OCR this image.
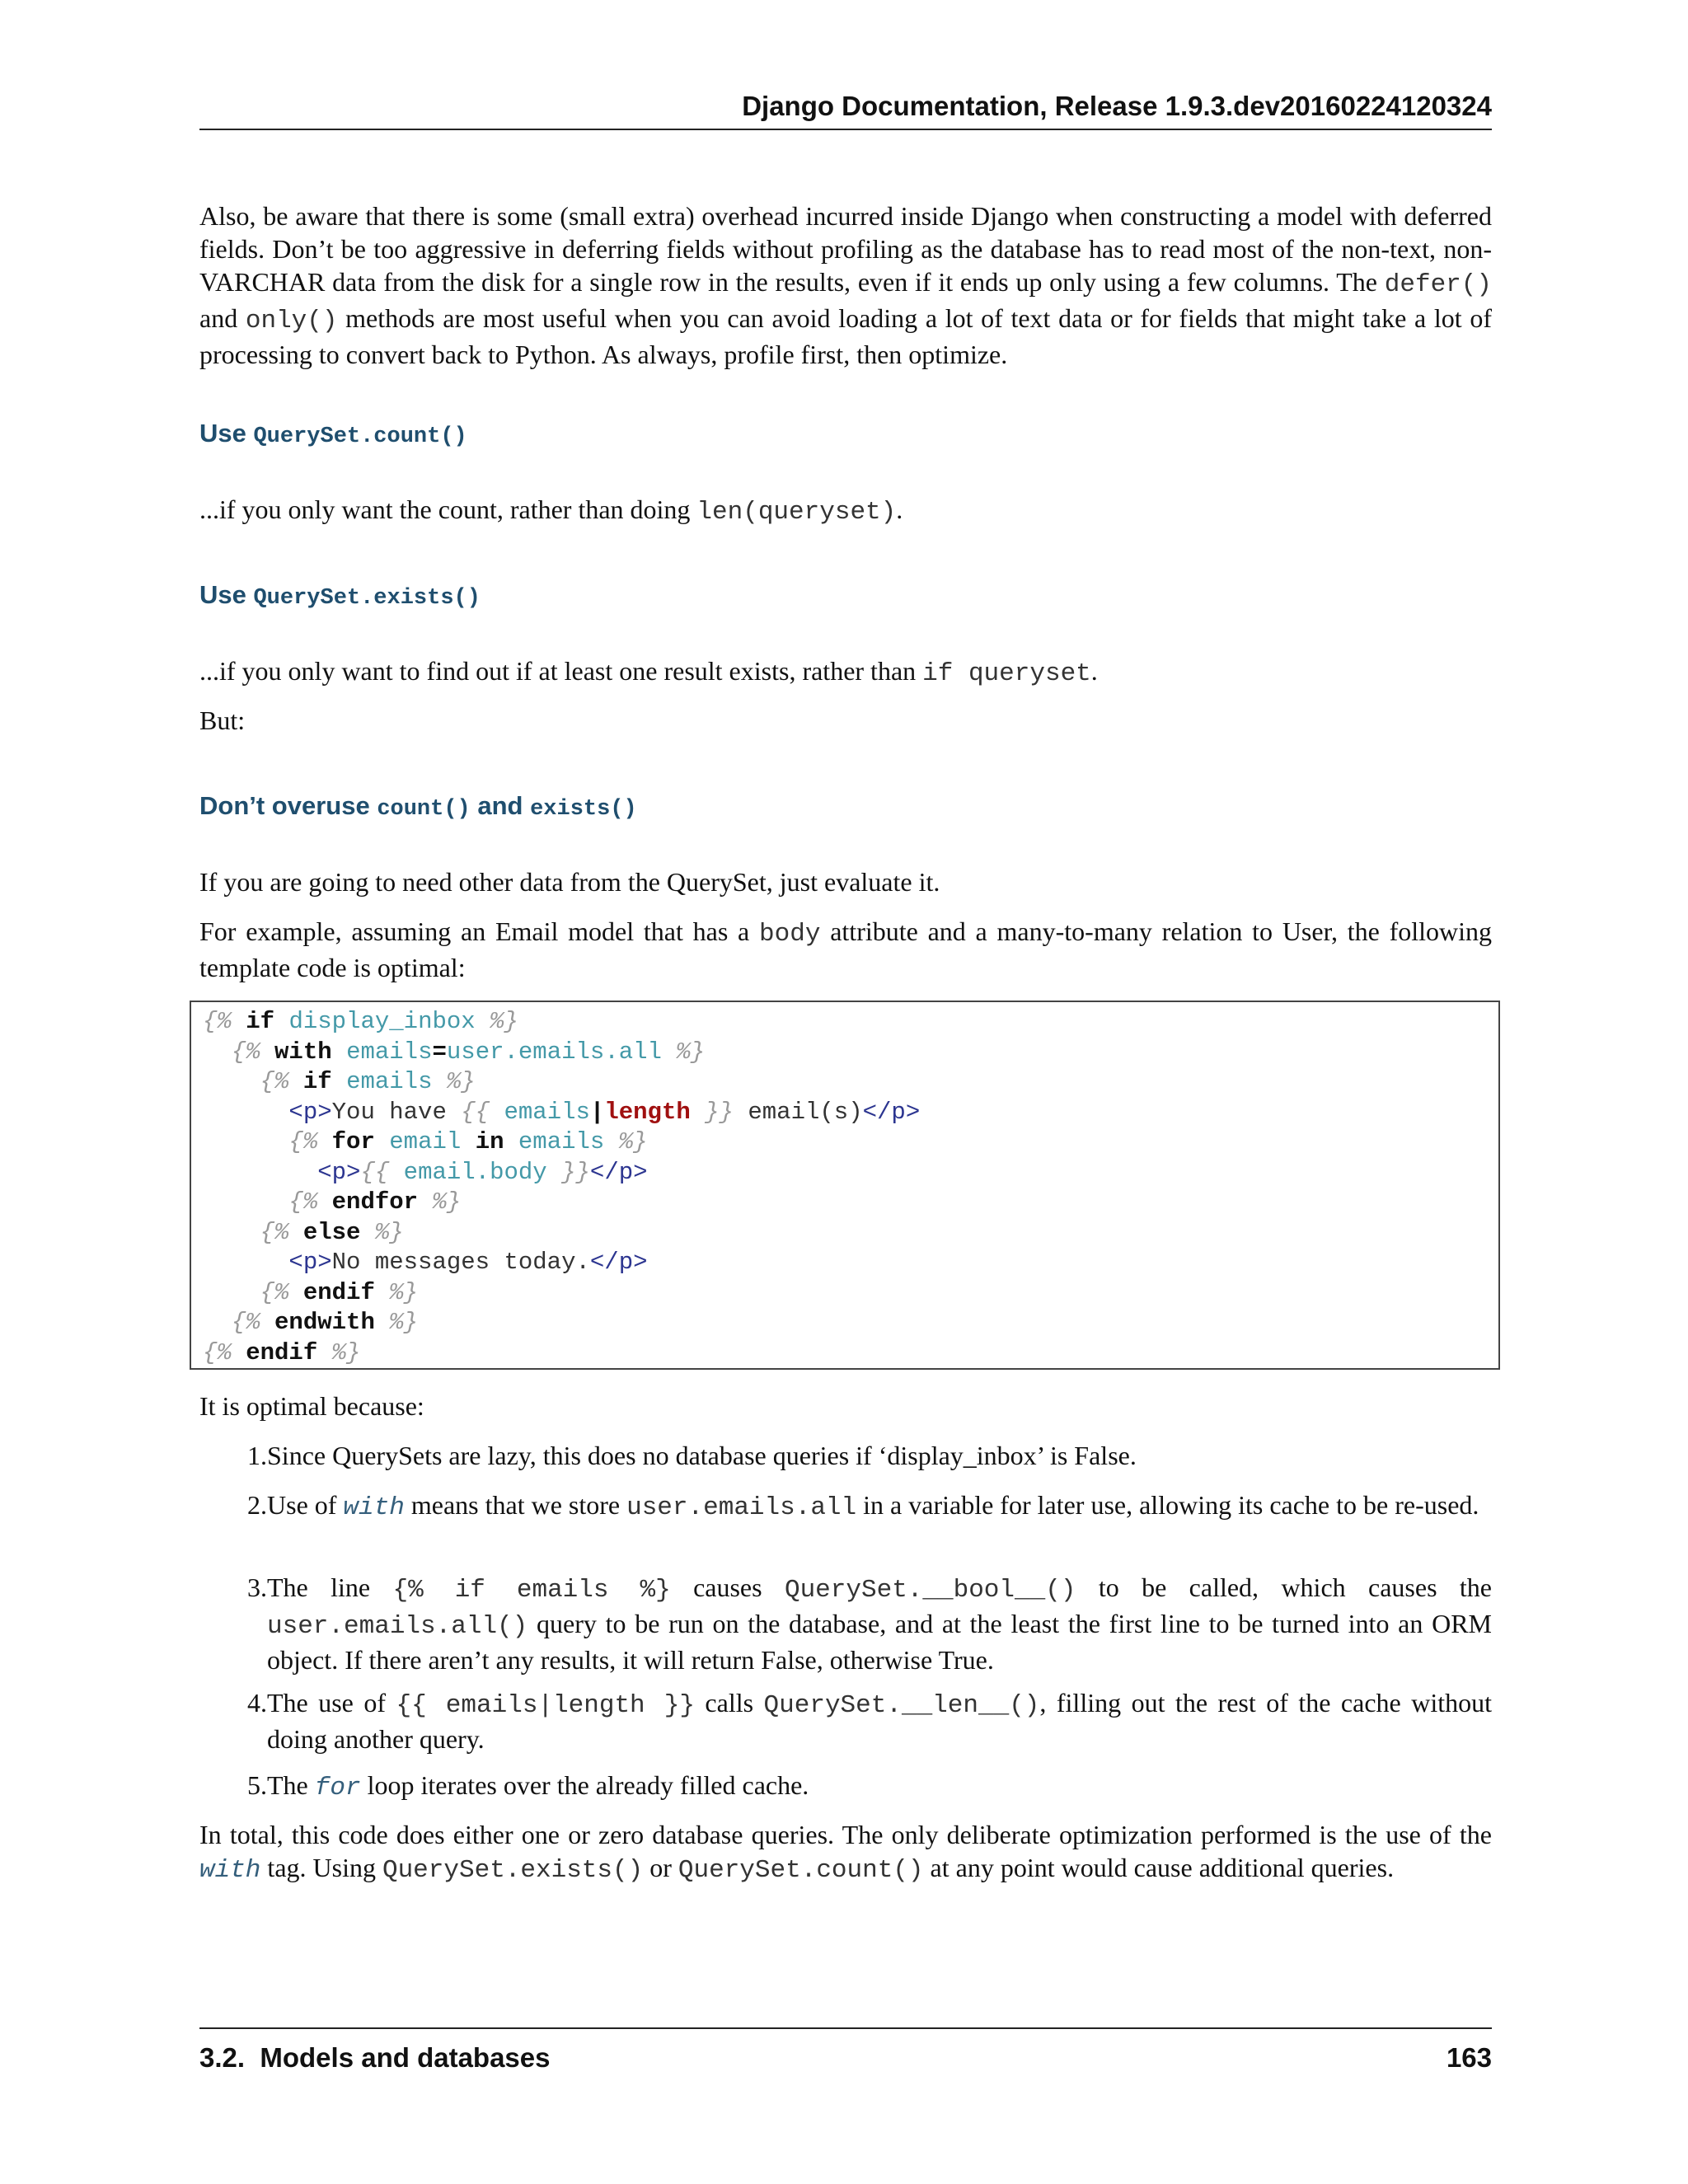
Django Documentation, Release 1.9.3.dev20160224120324
Also, be aware that there is some (small extra) overhead incurred inside Django when constructing a model with deferred fields. Don’t be too aggressive in deferring fields without profiling as the database has to read most of the non-text, non-VARCHAR data from the disk for a single row in the results, even if it ends up only using a few columns. The defer() and only() methods are most useful when you can avoid loading a lot of text data or for fields that might take a lot of processing to convert back to Python. As always, profile first, then optimize.
Use QuerySet.count()
...if you only want the count, rather than doing len(queryset).
Use QuerySet.exists()
...if you only want to find out if at least one result exists, rather than if queryset.
But:
Don’t overuse count() and exists()
If you are going to need other data from the QuerySet, just evaluate it.
For example, assuming an Email model that has a body attribute and a many-to-many relation to User, the following template code is optimal:
{% if display_inbox %}
{% with emails=user.emails.all %}
{% if emails %}
<p>You have {{ emails|length }} email(s)</p>
{% for email in emails %}
<p>{{ email.body }}</p>
{% endfor %}
{% else %}
<p>No messages today.</p>
{% endif %}
{% endwith %}
{% endif %}
It is optimal because:
1. Since QuerySets are lazy, this does no database queries if ‘display_inbox’ is False.
2. Use of with means that we store user.emails.all in a variable for later use, allowing its cache to be re-used.
3. The line {% if emails %} causes QuerySet.__bool__() to be called, which causes the user.emails.all() query to be run on the database, and at the least the first line to be turned into an ORM object. If there aren’t any results, it will return False, otherwise True.
4. The use of {{ emails|length }} calls QuerySet.__len__(), filling out the rest of the cache without doing another query.
5. The for loop iterates over the already filled cache.
In total, this code does either one or zero database queries. The only deliberate optimization performed is the use of the with tag. Using QuerySet.exists() or QuerySet.count() at any point would cause additional queries.
3.2.  Models and databases	163
